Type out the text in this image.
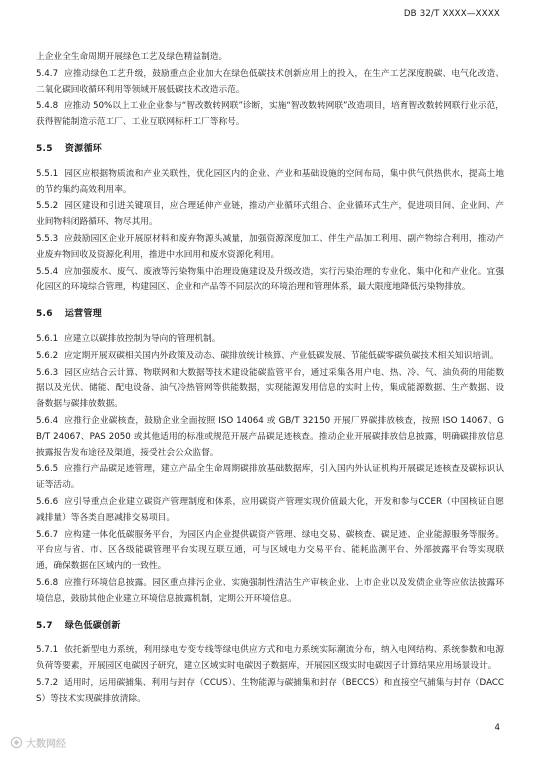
DB 32/T XXXX—XXXX

上企业全生命周期开展绿色工艺及绿色精益制造。

5.4.7 应推动绿色工艺升级，鼓励重点企业加大在绿色低碳技术创新应用上的投入，在生产工艺深度脱碳、电气化改造、二氧化碳回收循环利用等领域开展低碳技术改造示范。

5.4.8 应推动 50%以上工业企业参与“智改数转网联”诊断，实施“智改数转网联”改造项目，培育智改数转网联行业示范，获得智能制造示范工厂、工业互联网标杆工厂等称号。

5.5 资源循环

5.5.1 园区应根据物质流和产业关联性，优化园区内的企业、产业和基础设施的空间布局，集中供气供热供水，提高土地的节约集约高效利用率。

5.5.2 园区建设和引进关键项目，应合理延伸产业链，推动产业循环式组合、企业循环式生产，促进项目间、企业间、产业间物料闭路循环、物尽其用。

5.5.3 应鼓励园区企业开展原材料和废弃物源头减量，加强资源深度加工、伴生产品加工利用、副产物综合利用，推动产业废弃物回收及资源化利用，推进中水回用和废水资源化利用。

5.5.4 应加强废水、废气、废液等污染物集中治理设施建设及升级改造，实行污染治理的专业化、集中化和产业化。宜强化园区的环境综合管理，构建园区、企业和产品等不同层次的环境治理和管理体系，最大限度地降低污染物排放。

5.6 运营管理

5.6.1 应建立以碳排放控制为导向的管理机制。

5.6.2 应定期开展双碳相关国内外政策及动态、碳排放统计核算、产业低碳发展、节能低碳零碳负碳技术相关知识培训。

5.6.3 园区应结合云计算、物联网和大数据等技术建设能碳监管平台，通过采集各用户电、热、冷、气、油负荷的用能数据以及光伏、储能、配电设备、油气冷热管网等供能数据，实现能源发用信息的实时上传，集成能源数据、生产数据、设备数据与碳排放数据。

5.6.4 应推行企业碳核查，鼓励企业全面按照 ISO 14064 或 GB/T 32150 开展厂界碳排放核查，按照 ISO 14067、GB/T 24067、PAS 2050 或其他适用的标准或规范开展产品碳足迹核查。推动企业开展碳排放信息披露，明确碳排放信息披露报告发布途径及渠道，接受社会公众监督。

5.6.5 应推行产品碳足迹管理，建立产品全生命周期碳排放基础数据库，引入国内外认证机构开展碳足迹核查及碳标识认证等活动。

5.6.6 应引导重点企业建立碳资产管理制度和体系，应用碳资产管理实现价值最大化，开发和参与CCER（中国核证自愿减排量）等各类自愿减排交易项目。

5.6.7 应构建一体化低碳服务平台，为园区内企业提供碳资产管理、绿电交易、碳核查、碳足迹、企业能源服务等服务。平台应与省、市、区各级能碳管理平台实现互联互通，可与区域电力交易平台、能耗监测平台、外部披露平台等实现联通，确保数据在区域内的一致性。

5.6.8 应推行环境信息披露。园区重点排污企业、实施强制性清洁生产审核企业、上市企业以及发债企业等应依法披露环境信息，鼓励其他企业建立环境信息披露机制，定期公开环境信息。

5.7 绿色低碳创新

5.7.1 依托新型电力系统，利用绿电专变专线等绿电供应方式和电力系统实际潮流分布，纳入电网结构、系统参数和电源负荷等要素，开展园区电碳因子研究，建立区域实时电碳因子数据库，开展园区级实时电碳因子计算结果应用场景设计。

5.7.2 适用时，运用碳捕集、利用与封存（CCUS）、生物能源与碳捕集和封存（BECCS）和直接空气捕集与封存（DACCS）等技术实现碳排放清除。

4
大数网经
